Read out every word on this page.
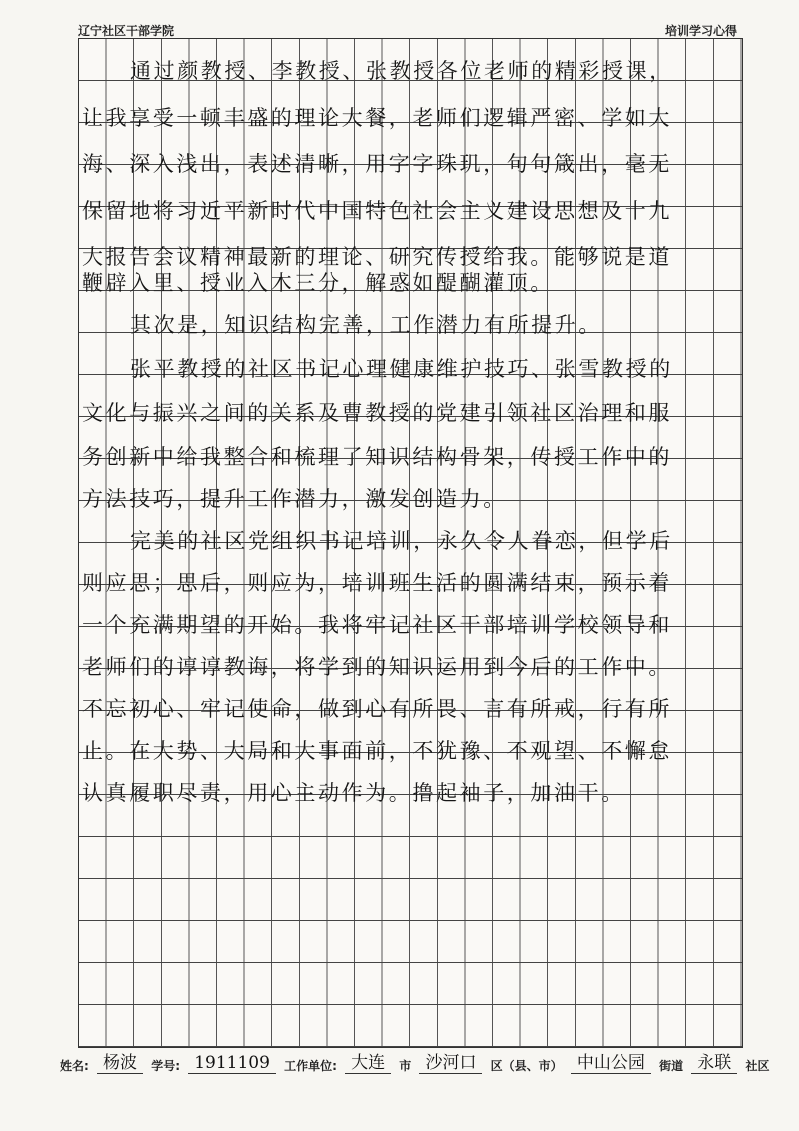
辽宁社区干部学院	培训学习心得
通过颜教授、李教授、张教授各位老师的精彩授课，
让我享受一顿丰盛的理论大餐，老师们逻辑严密、学如大
海、深入浅出，表述清晰，用字字珠玑，句句箴出，毫无
保留地将习近平新时代中国特色社会主义建设思想及十九
大报告会议精神最新的理论、研究传授给我。能够说是道
鞭辟入里、授业入木三分，解惑如醍醐灌顶。
其次是，知识结构完善，工作潜力有所提升。
张平教授的社区书记心理健康维护技巧、张雪教授的
文化与振兴之间的关系及曹教授的党建引领社区治理和服
务创新中给我整合和梳理了知识结构骨架，传授工作中的
方法技巧，提升工作潜力，激发创造力。
完美的社区党组织书记培训，永久令人眷恋，但学后
则应思；思后，则应为，培训班生活的圆满结束，预示着
一个充满期望的开始。我将牢记社区干部培训学校领导和
老师们的谆谆教诲，将学到的知识运用到今后的工作中。
不忘初心、牢记使命，做到心有所畏、言有所戒，行有所
止。在大势、大局和大事面前，不犹豫、不观望、不懈怠
认真履职尽责，用心主动作为。撸起袖子，加油干。
姓名: 杨波 学号: 1911109 工作单位: 大连 市 沙河口 区（县、市） 中山公园 街道 永联 社区
